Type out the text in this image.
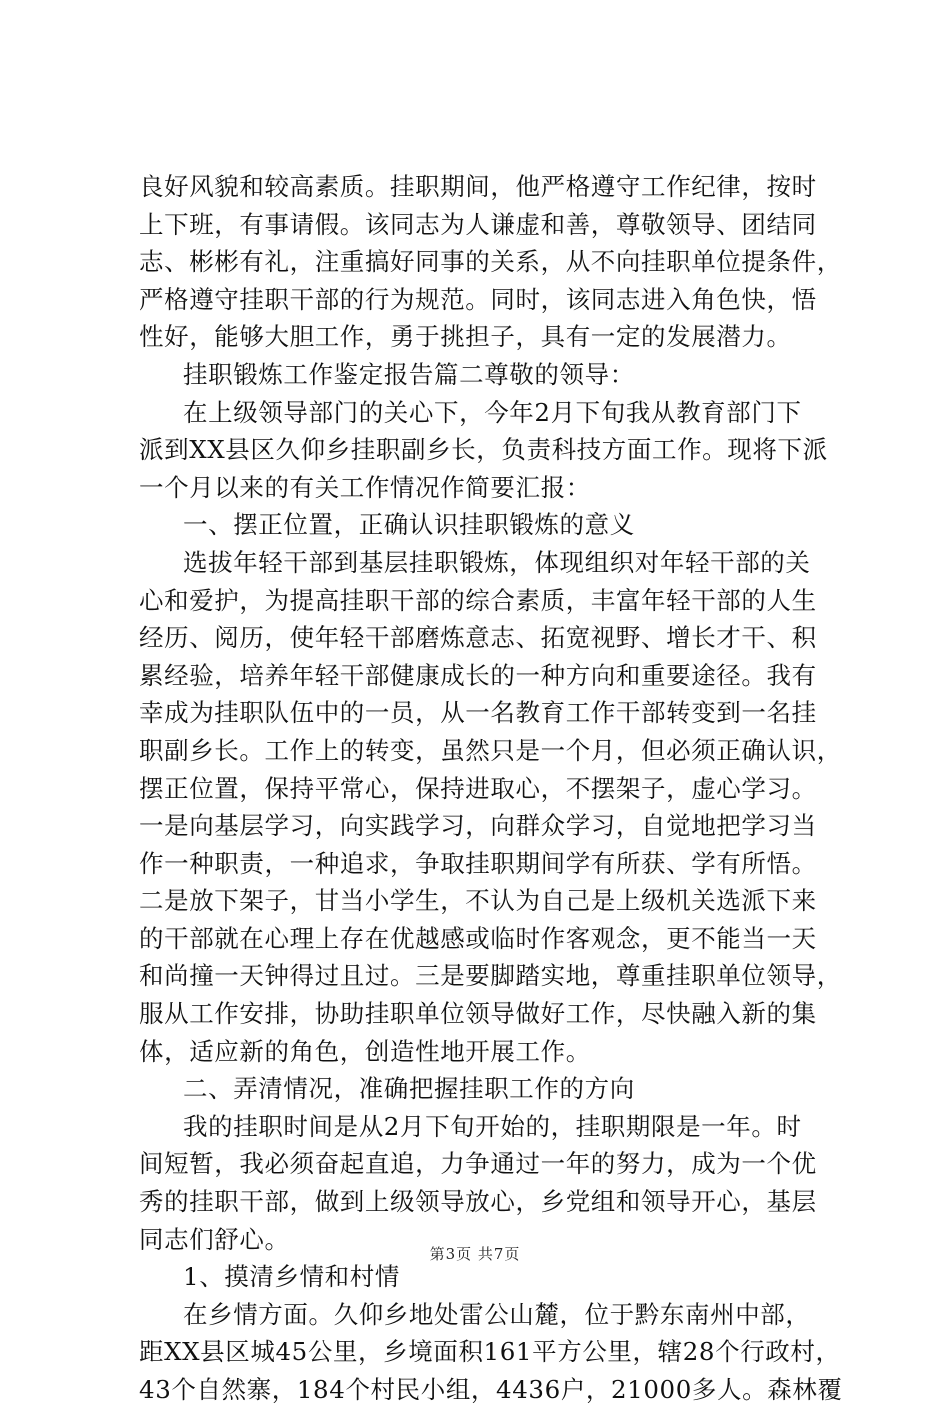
良好风貌和较高素质。挂职期间，他严格遵守工作纪律，按时
上下班，有事请假。该同志为人谦虚和善，尊敬领导、团结同
志、彬彬有礼，注重搞好同事的关系，从不向挂职单位提条件，
严格遵守挂职干部的行为规范。同时，该同志进入角色快，悟
性好，能够大胆工作，勇于挑担子，具有一定的发展潜力。
挂职锻炼工作鉴定报告篇二尊敬的领导：
在上级领导部门的关心下，今年2月下旬我从教育部门下
派到XX县区久仰乡挂职副乡长，负责科技方面工作。现将下派
一个月以来的有关工作情况作简要汇报：
一、摆正位置，正确认识挂职锻炼的意义
选拔年轻干部到基层挂职锻炼，体现组织对年轻干部的关
心和爱护，为提高挂职干部的综合素质，丰富年轻干部的人生
经历、阅历，使年轻干部磨炼意志、拓宽视野、增长才干、积
累经验，培养年轻干部健康成长的一种方向和重要途径。我有
幸成为挂职队伍中的一员，从一名教育工作干部转变到一名挂
职副乡长。工作上的转变，虽然只是一个月，但必须正确认识，
摆正位置，保持平常心，保持进取心，不摆架子，虚心学习。
一是向基层学习，向实践学习，向群众学习，自觉地把学习当
作一种职责，一种追求，争取挂职期间学有所获、学有所悟。
二是放下架子，甘当小学生，不认为自己是上级机关选派下来
的干部就在心理上存在优越感或临时作客观念，更不能当一天
和尚撞一天钟得过且过。三是要脚踏实地，尊重挂职单位领导，
服从工作安排，协助挂职单位领导做好工作，尽快融入新的集
体，适应新的角色，创造性地开展工作。
二、弄清情况，准确把握挂职工作的方向
我的挂职时间是从2月下旬开始的，挂职期限是一年。时
间短暂，我必须奋起直追，力争通过一年的努力，成为一个优
秀的挂职干部，做到上级领导放心，乡党组和领导开心，基层
同志们舒心。
1、摸清乡情和村情
在乡情方面。久仰乡地处雷公山麓，位于黔东南州中部，
距XX县区城45公里，乡境面积161平方公里，辖28个行政村，
43个自然寨，184个村民小组，4436户，21000多人。森林覆
第3页 共7页
